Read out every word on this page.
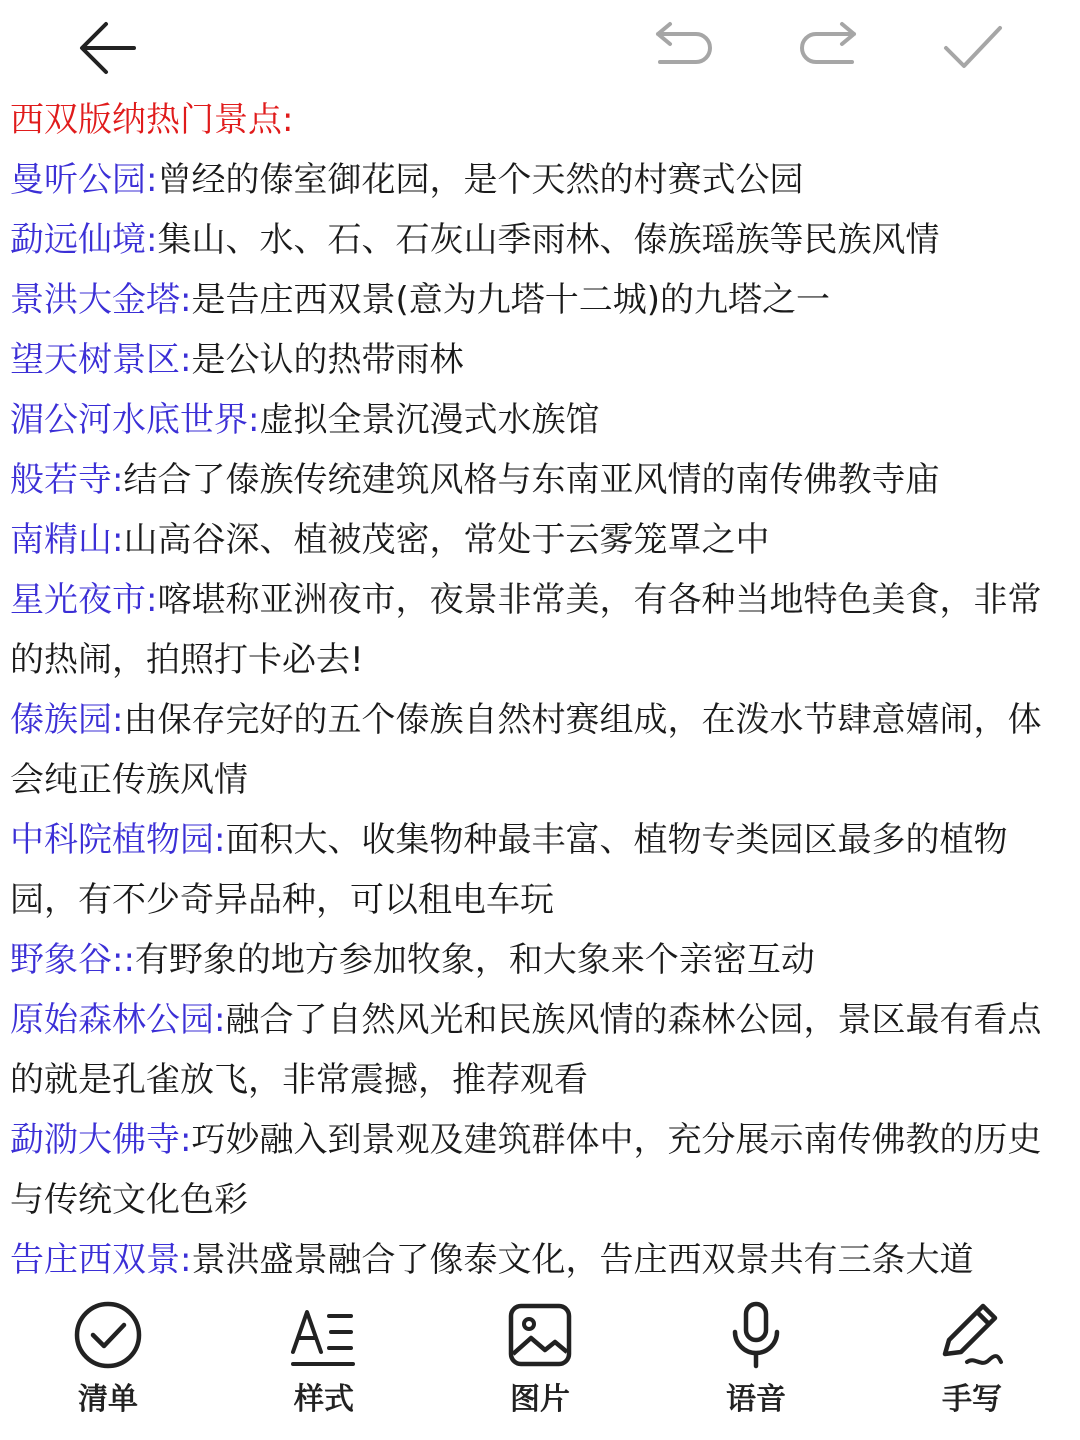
西双版纳热门景点:

曼听公园:曾经的傣室御花园，是个天然的村赛式公园

勐远仙境:集山、水、石、石灰山季雨林、傣族瑶族等民族风情

景洪大金塔:是告庄西双景(意为九塔十二城)的九塔之一

望天树景区:是公认的热带雨林

湄公河水底世界:虚拟全景沉漫式水族馆

般若寺:结合了傣族传统建筑风格与东南亚风情的南传佛教寺庙

南精山:山高谷深、植被茂密，常处于云雾笼罩之中

星光夜市:喀堪称亚洲夜市，夜景非常美，有各种当地特色美食，非常的热闹，拍照打卡必去!

傣族园:由保存完好的五个傣族自然村赛组成，在泼水节肆意嬉闹，体会纯正传族风情

中科院植物园:面积大、收集物种最丰富、植物专类园区最多的植物园，有不少奇异品种，可以租电车玩

野象谷::有野象的地方参加牧象，和大象来个亲密互动

原始森林公园:融合了自然风光和民族风情的森林公园，景区最有看点的就是孔雀放飞，非常震撼，推荐观看

勐泐大佛寺:巧妙融入到景观及建筑群体中，充分展示南传佛教的历史与传统文化色彩

告庄西双景:景洪盛景融合了像泰文化，告庄西双景共有三条大道

清单	样式	图片	语音	手写
